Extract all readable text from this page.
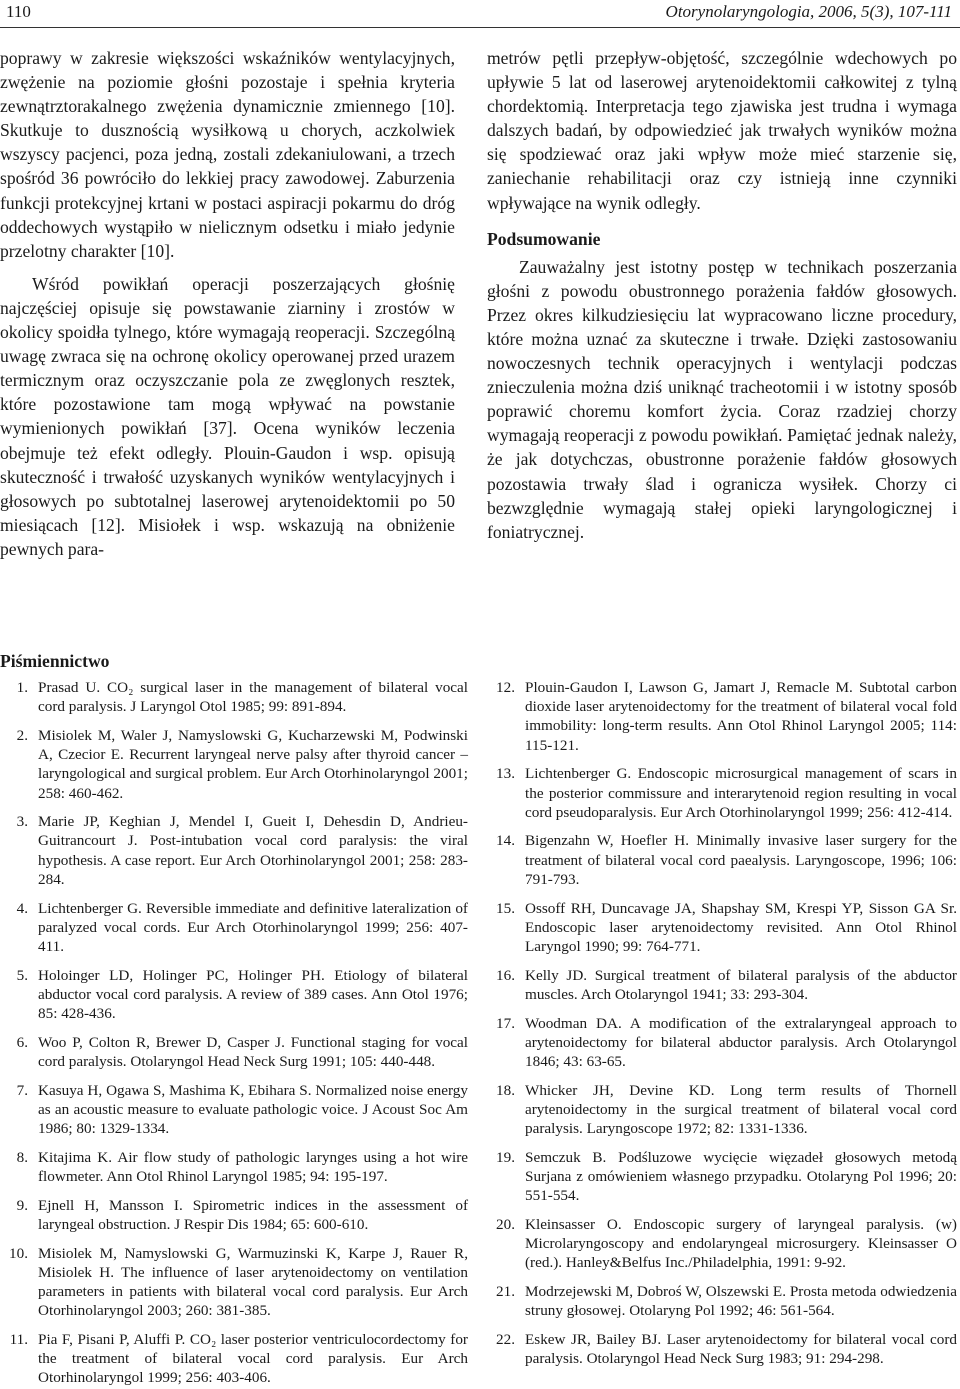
110	Otorynolaryngologia, 2006, 5(3), 107-111

poprawy w zakresie większości wskaźników wentylacyjnych, zwężenie na poziomie głośni pozostaje i spełnia kryteria zewnątrztorakalnego zwężenia dynamicznie zmiennego [10]. Skutkuje to dusznością wysiłkową u chorych, aczkolwiek wszyscy pacjenci, poza jedną, zostali zdekaniulowani, a trzech spośród 36 powróciło do lekkiej pracy zawodowej. Zaburzenia funkcji protekcyjnej krtani w postaci aspiracji pokarmu do dróg oddechowych wystąpiło w nielicznym odsetku i miało jedynie przelotny charakter [10].

Wśród powikłań operacji poszerzających głośnię najczęściej opisuje się powstawanie ziarniny i zrostów w okolicy spoidła tylnego, które wymagają reoperacji. Szczególną uwagę zwraca się na ochronę okolicy operowanej przed urazem termicznym oraz oczyszczanie pola ze zwęglonych resztek, które pozostawione tam mogą wpływać na powstanie wymienionych powikłań [37]. Ocena wyników leczenia obejmuje też efekt odległy. Plouin-Gaudon i wsp. opisują skuteczność i trwałość uzyskanych wyników wentylacyjnych i głosowych po subtotalnej laserowej arytenoidektomii po 50 miesiącach [12]. Misiołek i wsp. wskazują na obniżenie pewnych para-

metrów pętli przepływ-objętość, szczególnie wdechowych po upływie 5 lat od laserowej arytenoidektomii całkowitej z tylną chordektomią. Interpretacja tego zjawiska jest trudna i wymaga dalszych badań, by odpowiedzieć jak trwałych wyników można się spodziewać oraz jaki wpływ może mieć starzenie się, zaniechanie rehabilitacji oraz czy istnieją inne czynniki wpływające na wynik odległy.

Podsumowanie

Zauważalny jest istotny postęp w technikach poszerzania głośni z powodu obustronnego porażenia fałdów głosowych. Przez okres kilkudziesięciu lat wypracowano liczne procedury, które można uznać za skuteczne i trwałe. Dzięki zastosowaniu nowoczesnych technik operacyjnych i wentylacji podczas znieczulenia można dziś uniknąć tracheotomii i w istotny sposób poprawić choremu komfort życia. Coraz rzadziej chorzy wymagają reoperacji z powodu powikłań. Pamiętać jednak należy, że jak dotychczas, obustronne porażenie fałdów głosowych pozostawia trwały ślad i ogranicza wysiłek. Chorzy ci bezwzględnie wymagają stałej opieki laryngologicznej i foniatrycznej.

Piśmiennictwo
1. Prasad U. CO₂ surgical laser in the management of bilateral vocal cord paralysis. J Laryngol Otol 1985; 99: 891-894.
2. Misiolek M, Waler J, Namyslowski G, Kucharzewski M, Podwinski A, Czecior E. Recurrent laryngeal nerve palsy after thyroid cancer – laryngological and surgical problem. Eur Arch Otorhinolaryngol 2001; 258: 460-462.
3. Marie JP, Keghian J, Mendel I, Gueit I, Dehesdin D, Andrieu-Guitrancourt J. Post-intubation vocal cord paralysis: the viral hypothesis. A case report. Eur Arch Otorhinolaryngol 2001; 258: 283-284.
4. Lichtenberger G. Reversible immediate and definitive lateralization of paralyzed vocal cords. Eur Arch Otorhinolaryngol 1999; 256: 407-411.
5. Holoinger LD, Holinger PC, Holinger PH. Etiology of bilateral abductor vocal cord paralysis. A review of 389 cases. Ann Otol 1976; 85: 428-436.
6. Woo P, Colton R, Brewer D, Casper J. Functional staging for vocal cord paralysis. Otolaryngol Head Neck Surg 1991; 105: 440-448.
7. Kasuya H, Ogawa S, Mashima K, Ebihara S. Normalized noise energy as an acoustic measure to evaluate pathologic voice. J Acoust Soc Am 1986; 80: 1329-1334.
8. Kitajima K. Air flow study of pathologic larynges using a hot wire flowmeter. Ann Otol Rhinol Laryngol 1985; 94: 195-197.
9. Ejnell H, Mansson I. Spirometric indices in the assessment of laryngeal obstruction. J Respir Dis 1984; 65: 600-610.
10. Misiolek M, Namyslowski G, Warmuzinski K, Karpe J, Rauer R, Misiolek H. The influence of laser arytenoidectomy on ventilation parameters in patients with bilateral vocal cord paralysis. Eur Arch Otorhinolaryngol 2003; 260: 381-385.
11. Pia F, Pisani P, Aluffi P. CO₂ laser posterior ventriculocordectomy for the treatment of bilateral vocal cord paralysis. Eur Arch Otorhinolaryngol 1999; 256: 403-406.
12. Plouin-Gaudon I, Lawson G, Jamart J, Remacle M. Subtotal carbon dioxide laser arytenoidectomy for the treatment of bilateral vocal fold immobility: long-term results. Ann Otol Rhinol Laryngol 2005; 114: 115-121.
13. Lichtenberger G. Endoscopic microsurgical management of scars in the posterior commissure and interarytenoid region resulting in vocal cord pseudoparalysis. Eur Arch Otorhinolaryngol 1999; 256: 412-414.
14. Bigenzahn W, Hoefler H. Minimally invasive laser surgery for the treatment of bilateral vocal cord paealysis. Laryngoscope, 1996; 106: 791-793.
15. Ossoff RH, Duncavage JA, Shapshay SM, Krespi YP, Sisson GA Sr. Endoscopic laser arytenoidectomy revisited. Ann Otol Rhinol Laryngol 1990; 99: 764-771.
16. Kelly JD. Surgical treatment of bilateral paralysis of the abductor muscles. Arch Otolaryngol 1941; 33: 293-304.
17. Woodman DA. A modification of the extralaryngeal approach to arytenoidectomy for bilateral abductor paralysis. Arch Otolaryngol 1846; 43: 63-65.
18. Whicker JH, Devine KD. Long term results of Thornell arytenoidectomy in the surgical treatment of bilateral vocal cord paralysis. Laryngoscope 1972; 82: 1331-1336.
19. Semczuk B. Podśluzowe wycięcie więzadeł głosowych metodą Surjana z omówieniem własnego przypadku. Otolaryng Pol 1996; 20: 551-554.
20. Kleinsasser O. Endoscopic surgery of laryngeal paralysis. (w) Microlaryngoscopy and endolaryngeal microsurgery. Kleinsasser O (red.). Hanley&Belfus Inc./Philadelphia, 1991: 9-92.
21. Modrzejewski M, Dobroś W, Olszewski E. Prosta metoda odwiedzenia struny głosowej. Otolaryng Pol 1992; 46: 561-564.
22. Eskew JR, Bailey BJ. Laser arytenoidectomy for bilateral vocal cord paralysis. Otolaryngol Head Neck Surg 1983; 91: 294-298.
